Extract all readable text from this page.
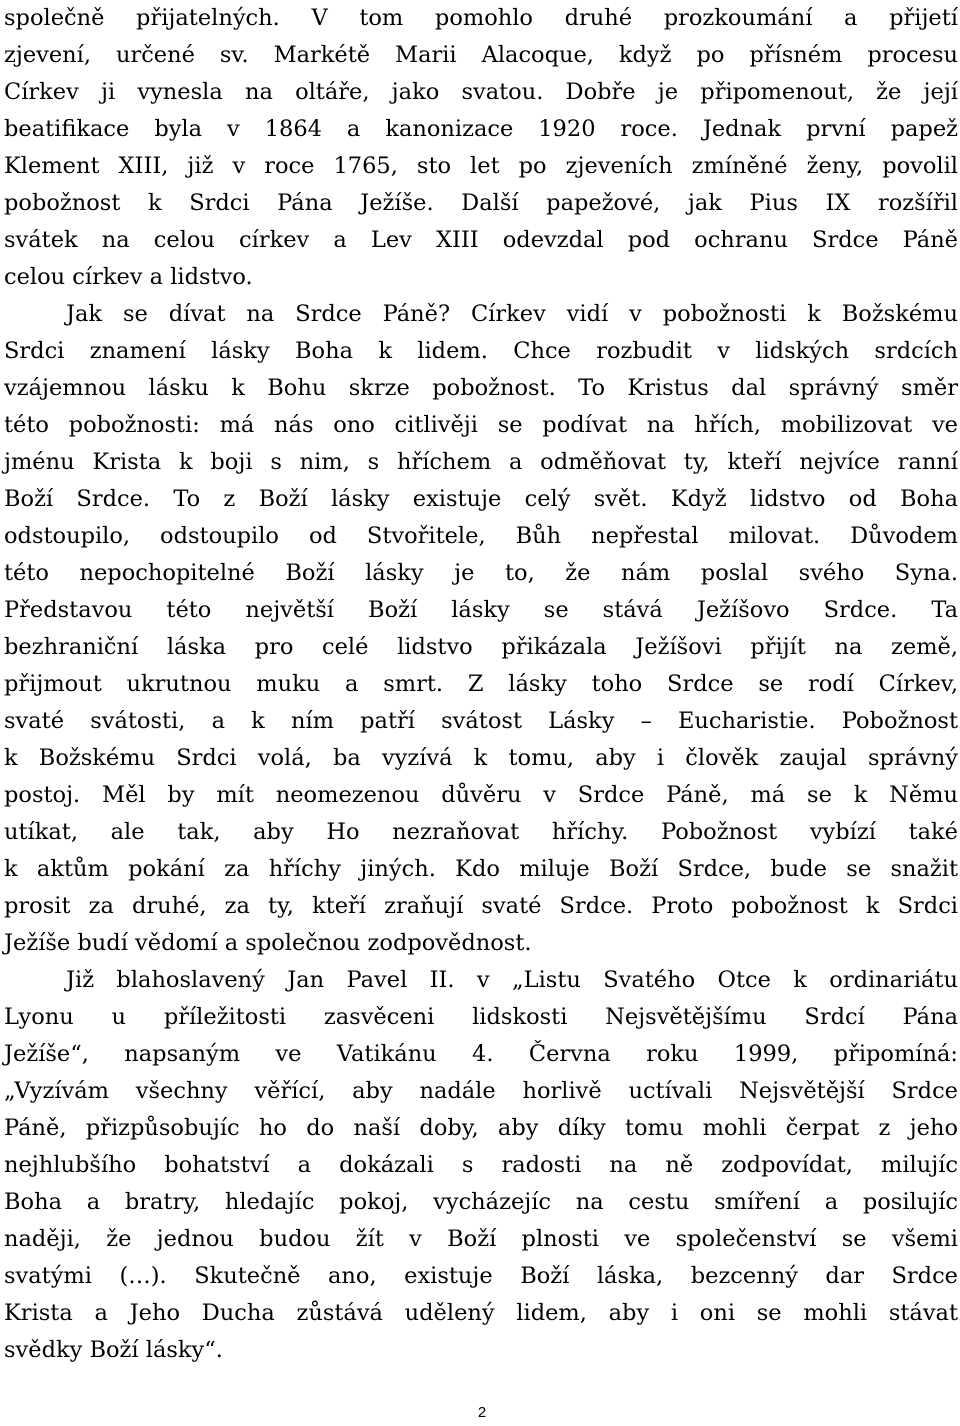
společně přijatelných. V tom pomohlo druhé prozkoumání a přijetí
zjevení, určené sv. Markétě Marii Alacoque, když po přísném procesu
Církev ji vynesla na oltáře, jako svatou. Dobře je připomenout, že její
beatifikace byla v 1864 a kanonizace 1920 roce. Jednak první papež
Klement XIII, již v roce 1765, sto let po zjeveních zmíněné ženy, povolil
pobožnost k Srdci Pána Ježíše. Další papežové, jak Pius IX rozšířil
svátek na celou církev a Lev XIII odevzdal pod ochranu Srdce Páně
celou církev a lidstvo.
Jak se dívat na Srdce Páně? Církev vidí v pobožnosti k Božskému
Srdci znamení lásky Boha k lidem. Chce rozbudit v lidských srdcích
vzájemnou lásku k Bohu skrze pobožnost. To Kristus dal správný směr
této pobožnosti: má nás ono citlivěji se podívat na hřích, mobilizovat ve
jménu Krista k boji s nim, s hříchem a odměňovat ty, kteří nejvíce ranní
Boží Srdce. To z Boží lásky existuje celý svět. Když lidstvo od Boha
odstoupilo, odstoupilo od Stvořitele, Bůh nepřestal milovat. Důvodem
této nepochopitelné Boží lásky je to, že nám poslal svého Syna.
Představou této největší Boží lásky se stává Ježíšovo Srdce. Ta
bezhraniční láska pro celé lidstvo přikázala Ježíšovi přijít na země,
přijmout ukrutnou muku a smrt. Z lásky toho Srdce se rodí Církev,
svaté svátosti, a k ním patří svátost Lásky – Eucharistie. Pobožnost
k Božskému Srdci volá, ba vyzívá k tomu, aby i člověk zaujal správný
postoj. Měl by mít neomezenou důvěru v Srdce Páně, má se k Němu
utíkat, ale tak, aby Ho nezraňovat hříchy. Pobožnost vybízí také
k aktům pokání za hříchy jiných. Kdo miluje Boží Srdce, bude se snažit
prosit za druhé, za ty, kteří zraňují svaté Srdce. Proto pobožnost k Srdci
Ježíše budí vědomí a společnou zodpovědnost.
Již blahoslavený Jan Pavel II. v „Listu Svatého Otce k ordinariátu
Lyonu u příležitosti zasvěceni lidskosti Nejsvětějšímu Srdcí Pána
Ježíše“, napsaným ve Vatikánu 4. Června roku 1999, připomíná:
„Vyzívám všechny věřící, aby nadále horlivě uctívali Nejsvětější Srdce
Páně, přizpůsobujíc ho do naší doby, aby díky tomu mohli čerpat z jeho
nejhlubšího bohatství a dokázali s radosti na ně zodpovídat, milujíc
Boha a bratry, hledajíc pokoj, vycházejíc na cestu smíření a posilujíc
naději, že jednou budou žít v Boží plnosti ve společenství se všemi
svatými (…). Skutečně ano, existuje Boží láska, bezcenný dar Srdce
Krista a Jeho Ducha zůstává udělený lidem, aby i oni se mohli stávat
svědky Boží lásky“.
2
